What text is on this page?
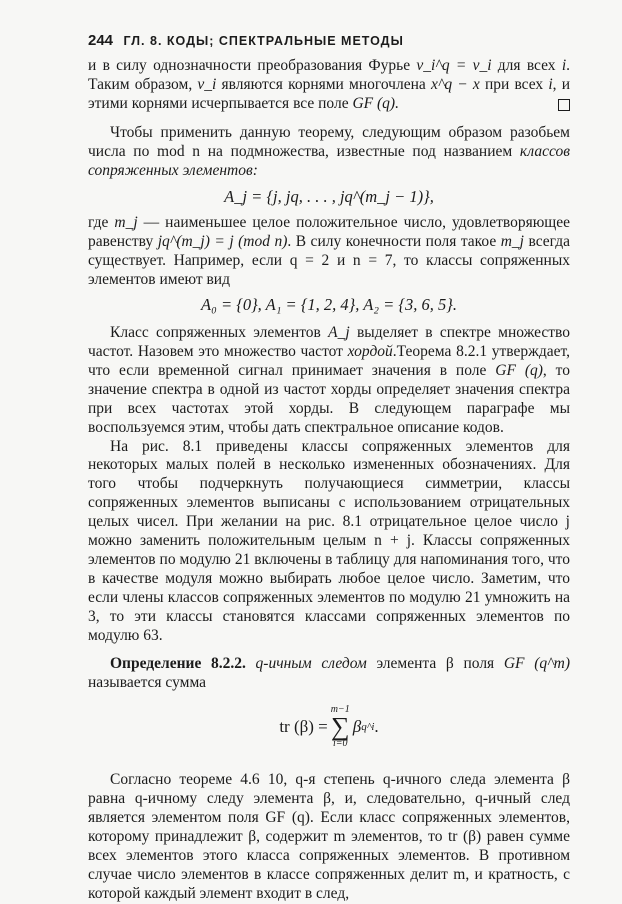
244 ГЛ. 8. КОДЫ; СПЕКТРАЛЬНЫЕ МЕТОДЫ

и в силу однозначности преобразования Фурье v_i^q = v_i для всех i. Таким образом, v_i являются корнями многочлена x^q − x при всех i, и этими корнями исчерпывается все поле GF (q).

Чтобы применить данную теорему, следующим образом разобьем числа по mod n на подмножества, известные под названием классов сопряженных элементов:

A_j = {j, jq, . . . , jq^(m_j − 1)},

где m_j — наименьшее целое положительное число, удовлетворяющее равенству jq^(m_j) = j (mod n). В силу конечности поля такое m_j всегда существует. Например, если q = 2 и n = 7, то классы сопряженных элементов имеют вид

A₀ = {0}, A₁ = {1, 2, 4}, A₂ = {3, 6, 5}.

Класс сопряженных элементов A_j выделяет в спектре множество частот. Назовем это множество частот хордой.Теорема 8.2.1 утверждает, что если временной сигнал принимает значения в поле GF (q), то значение спектра в одной из частот хорды определяет значения спектра при всех частотах этой хорды. В следующем параграфе мы воспользуемся этим, чтобы дать спектральное описание кодов.

На рис. 8.1 приведены классы сопряженных элементов для некоторых малых полей в несколько измененных обозначениях. Для того чтобы подчеркнуть получающиеся симметрии, классы сопряженных элементов выписаны с использованием отрицательных целых чисел. При желании на рис. 8.1 отрицательное целое число j можно заменить положительным целым n + j. Классы сопряженных элементов по модулю 21 включены в таблицу для напоминания того, что в качестве модуля можно выбирать любое целое число. Заметим, что если члены классов сопряженных элементов по модулю 21 умножить на 3, то эти классы становятся классами сопряженных элементов по модулю 63.

Определение 8.2.2. q-ичным следом элемента β поля GF (q^m) называется сумма

tr (β) =
m−1
∑
i=0
β q^i .

Согласно теореме 4.6 10, q-я степень q-ичного следа элемента β равна q-ичному следу элемента β, и, следовательно, q-ичный след является элементом поля GF (q). Если класс сопряженных элементов, которому принадлежит β, содержит m элементов, то tr (β) равен сумме всех элементов этого класса сопряженных элементов. В противном случае число элементов в классе сопряженных делит m, и кратность, с которой каждый элемент входит в след,
